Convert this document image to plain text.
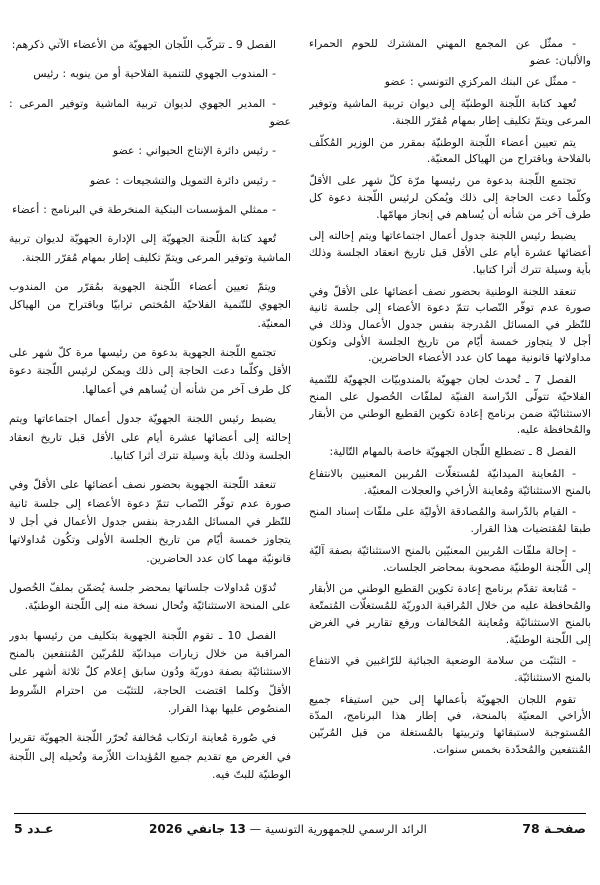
- ممثّل عن المجمع المهني المشترك للحوم الحمراء والألبان: عضو

- ممثّل عن البنك المركزي التونسي : عضو

تُعهد كتابة اللّجنة الوطنيّة إلى ديوان تربية الماشية وتوفير المرعى ويتمّ تكليف إطار بمهام مُقرّر اللجنة.

يتم تعيين أعضاء اللّجنة الوطنيّة بمقرر من الوزير المُكلّف بالفلاحة وباقتراح من الهياكل المعنيّة.

تجتمع اللّجنة بدعوة من رئيسها مرّة كلّ شهر على الأقلّ وكلّما دعت الحاجة إلى ذلك ويُمكن لرئيس اللّجنة دعوة كل طرف آخر من شأنه أن يُساهم في إنجاز مهامّها.

يضبط رئيس اللجنة جدول أعمال اجتماعاتها ويتم إحالته إلى أعضائها عشرة أيام على الأقل قبل تاريخ انعقاد الجلسة وذلك بأية وسيلة تترك أثرا كتابيا.

تنعقد اللجنة الوطنية بحضور نصف أعضائها على الأقلّ وفي صورة عدم توفّر النّصاب تتمّ دعوة الأعضاء إلى جلسة ثانية للنّظر في المسائل المُدرجة بنفس جدول الأعمال وذلك في أجل لا يتجاوز خمسة أيّام من تاريخ الجلسة الأولى وتكون مداولاتها قانونية مهما كان عدد الأعضاء الحاضرين.

الفصل 7 ـ تُحدث لجان جهويّة بالمندوبيّات الجهويّة للتّنمية الفلاحيّة تتولّى الدّراسة الفنيّة لملفّات الحُصول على المنح الاستثنائيّة ضمن برنامج إعادة تكوين القطيع الوطني من الأبقار والمُحافظة عليه.

الفصل 8 ـ تضطلع اللّجان الجهويّة خاصة بالمهام التّالية:

- المُعاينة الميدانيّة لمُستغلّات المُربين المعنيين بالانتفاع بالمنح الاستثنائيّة ومُعاينة الأراخي والعجلات المعنيّة.

- القيام بالدّراسة والمُصادقة الأوليّة على ملفّات إسناد المنح طبقا لمُقتضيات هذا القرار.

- إحالة ملفّات المُربين المعنيّين بالمنح الاستثنائيّة بصفة آليّة إلى اللّجنة الوطنيّة مصحوبة بمحاضر الجلسات.

- مُتابعة تقدّم برنامج إعادة تكوين القطيع الوطني من الأبقار والمُحافظة عليه من خلال المُراقبة الدوريّة للمُستغلّات المُتمتّعة بالمنح الاستثنائيّة ومُعاينة المُخالفات ورفع تقارير في الغرض إلى اللّجنة الوطنيّة.

- التثبّت من سلامة الوضعية الجبائية للرّاغبين في الانتفاع بالمنح الاستثنائيّة.

تقوم اللجان الجهويّة بأعمالها إلى حين استيفاء جميع الأراخي المعنيّة بالمنحة، في إطار هذا البرنامج، المدّة المُستوجبة لاستبقائها وتربيتها بالمُستغلة من قبل المُربّين المُنتفعين والمُحدّدة بخمس سنوات.

الفصل 9 ـ تتركّب اللّجان الجهويّة من الأعضاء الآتي ذكرهم:

- المندوب الجهوي للتنمية الفلاحية أو من ينوبه : رئيس

- المدير الجهوي لديوان تربية الماشية وتوفير المرعى : عضو

- رئيس دائرة الإنتاج الحيواني : عضو

- رئيس دائرة التمويل والتشجيعات : عضو

- ممثلي المؤسسات البنكية المنخرطة في البرنامج : أعضاء

تُعهد كتابة اللّجنة الجهويّة إلى الإدارة الجهويّة لديوان تربية الماشية وتوفير المرعى ويتمّ تكليف إطار بمهام مُقرّر اللجنة.

ويتمّ تعيين أعضاء اللّجنة الجهوية بمُقرّر من المندوب الجهوي للتّنمية الفلاحيّة المُختص ترابيّا وباقتراح من الهياكل المعنيّة.

تجتمع اللّجنة الجهوية بدعوة من رئيسها مرة كلّ شهر على الأقل وكلّما دعت الحاجة إلى ذلك ويمكن لرئيس اللّجنة دعوة كل طرف آخر من شأنه أن يُساهم في أعمالها.

يضبط رئيس اللجنة الجهويّة جدول أعمال اجتماعاتها ويتم إحالته إلى أعضائها عشرة أيام على الأقل قبل تاريخ انعقاد الجلسة وذلك بأية وسيلة تترك أثرا كتابيا.

تنعقد اللّجنة الجهوية بحضور نصف أعضائها على الأقلّ وفي صورة عدم توفّر النّصاب تتمّ دعوة الأعضاء إلى جلسة ثانية للنّظر في المسائل المُدرجة بنفس جدول الأعمال في أجل لا يتجاوز خمسة أيّام من تاريخ الجلسة الأولى وتكُون مُداولاتها قانونيّة مهما كان عدد الحاضرين.

تُدوّن مُداولات جلساتها بمحضر جلسة يُضمّن بملفّ الحُصول على المنحة الاستثنائيّة وتُحال نسخة منه إلى اللّجنة الوطنيّة.

الفصل 10 ـ تقوم اللّجنة الجهوية بتكليف من رئيسها بدور المراقبة من خلال زيارات ميدانيّة للمُربّين المُنتفعين بالمنح الاستثنائيّة بصفة دوريّة ودُون سابق إعلام كلّ ثلاثة أشهر على الأقلّ وكلما اقتضت الحاجة، للتثبّت من احترام الشّروط المنصُوص عليها بهذا القرار.

في صُورة مُعاينة ارتكاب مُخالفة تُحرّر اللّجنة الجهويّة تقريرا في الغرض مع تقديم جميع المُؤيدات اللاّزمة وتُحيله إلى اللّجنة الوطنيّة للبتّ فيه.

صفحـة 78
الرائد الرسمي للجمهورية التونسية — 13 جانفي 2026
عـدد 5
